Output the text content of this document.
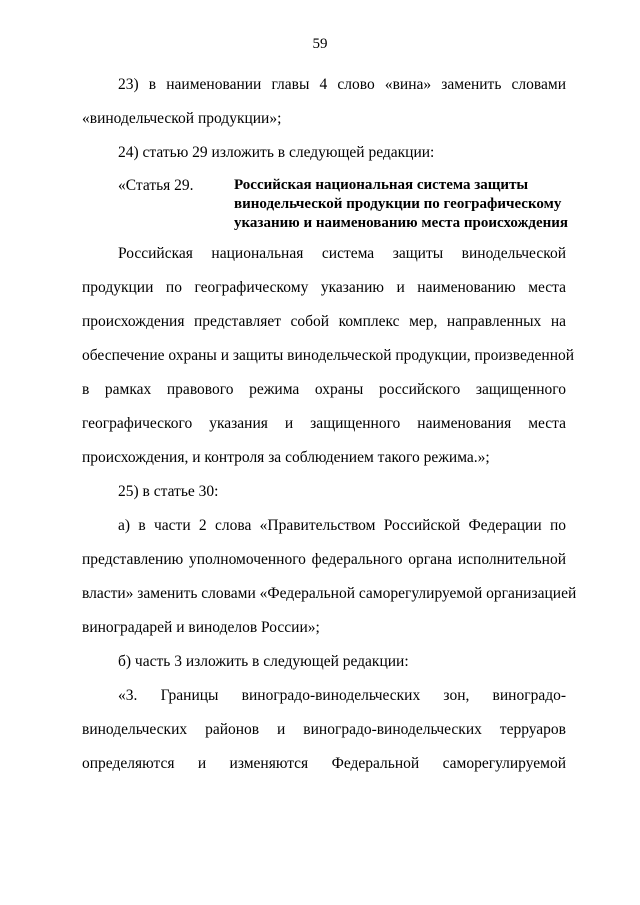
59
23) в наименовании главы 4 слово «вина» заменить словами
«винодельческой продукции»;
24) статью 29 изложить в следующей редакции:
«Статья 29.	Российская национальная система защиты
винодельческой продукции по географическому
указанию и наименованию места происхождения
Российская национальная система защиты винодельческой
продукции по географическому указанию и наименованию места
происхождения представляет собой комплекс мер, направленных на
обеспечение охраны и защиты винодельческой продукции, произведенной
в рамках правового режима охраны российского защищенного
географического указания и защищенного наименования места
происхождения, и контроля за соблюдением такого режима.»;
25) в статье 30:
а) в части 2 слова «Правительством Российской Федерации по
представлению уполномоченного федерального органа исполнительной
власти» заменить словами «Федеральной саморегулируемой организацией
виноградарей и виноделов России»;
б) часть 3 изложить в следующей редакции:
«3. Границы виноградо-винодельческих зон, виноградо-
винодельческих районов и виноградо-винодельческих терруаров
определяются и изменяются Федеральной саморегулируемой
